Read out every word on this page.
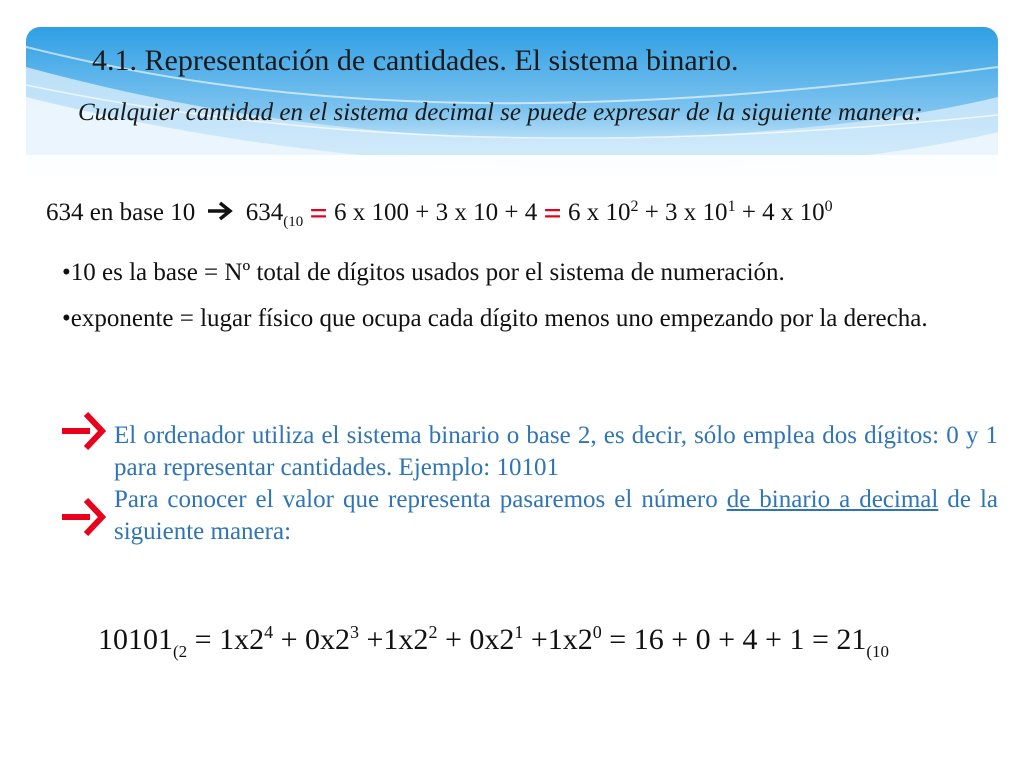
4.1. Representación de cantidades. El sistema binario.

Cualquier cantidad en el sistema decimal se puede expresar de la siguiente manera:

634 en base 10 $634_{(10} = 6$ x 100 + 3 x 10 + 4 = 6 x $10^2 + 3$ x $10^1 + 4$ x $10^0$

•10 es la base = Nº total de dígitos usados por el sistema de numeración.

•exponente = lugar físico que ocupa cada dígito menos uno empezando por la derecha.

El ordenador utiliza el sistema binario o base 2, es decir, sólo emplea dos dígitos: 0 y 1 para representar cantidades. Ejemplo: 10101

Para conocer el valor que representa pasaremos el número de binario a decimal de la siguiente manera:

$10101_{(2} = 1x2^4 + 0x2^3 +1x2^2 + 0x2^1 +1x2^0 = 16 + 0 + 4 + 1 = 21_{(10}$
